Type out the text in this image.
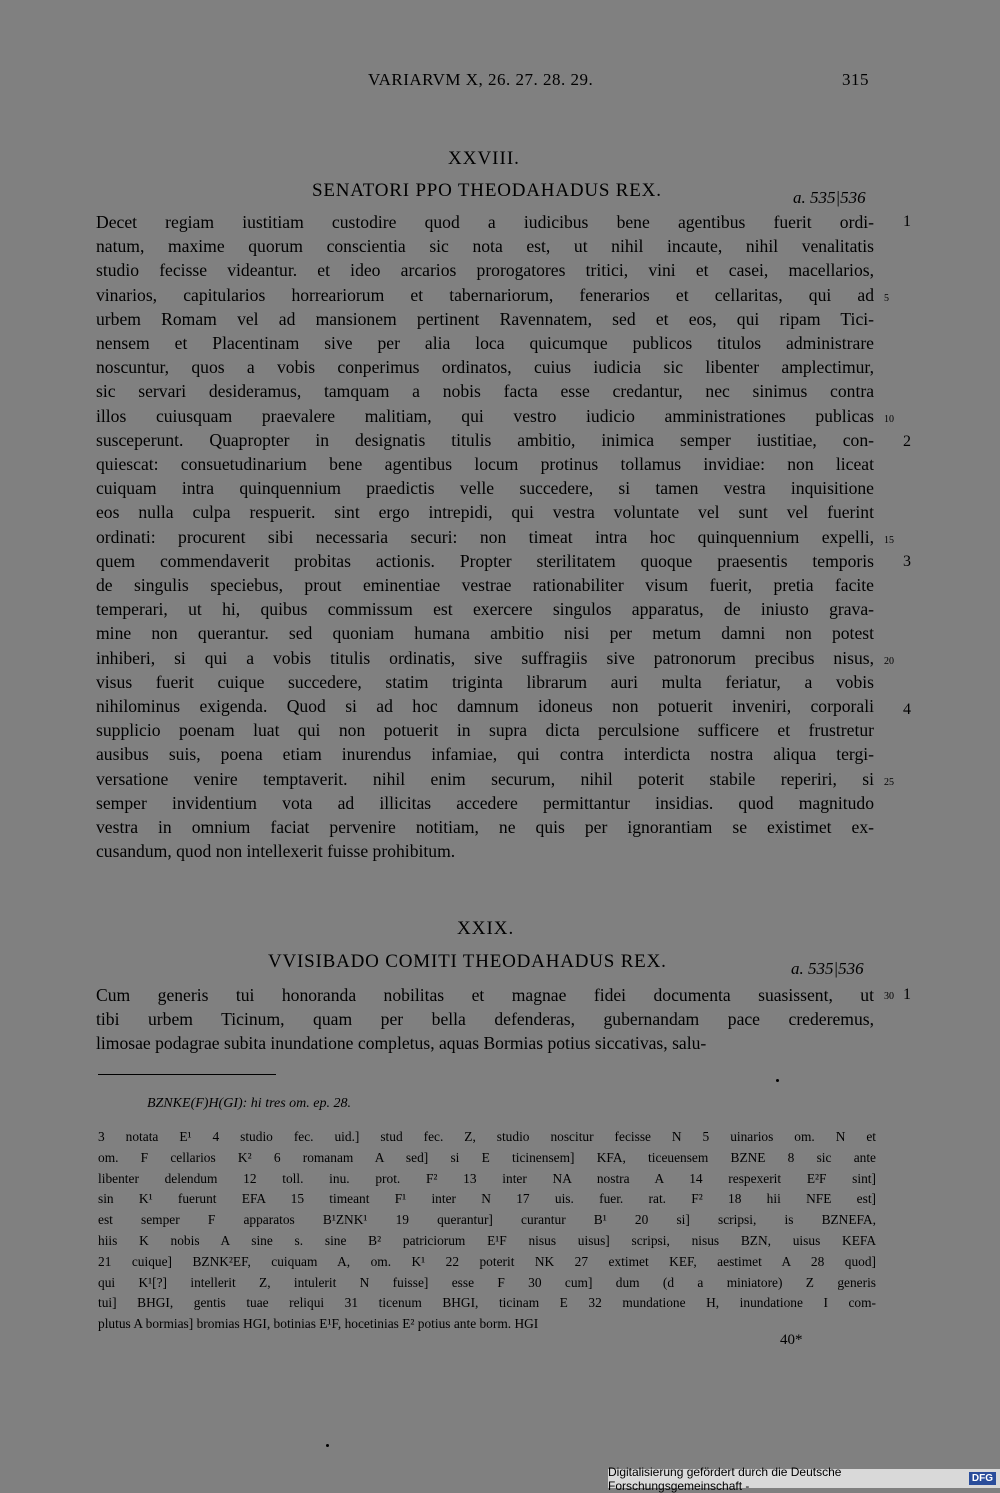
VARIARVM X, 26. 27. 28. 29.	315
XXVIII.
SENATORI PPO THEODAHADUS REX.	a. 535|536
Decet regiam iustitiam custodire quod a iudicibus bene agentibus fuerit ordi-
natum, maxime quorum conscientia sic nota est, ut nihil incaute, nihil venalitatis
studio fecisse videantur. et ideo arcarios prorogatores tritici, vini et casei, macellarios,
vinarios, capitularios horreariorum et tabernariorum, fenerarios et cellaritas, qui ad
urbem Romam vel ad mansionem pertinent Ravennatem, sed et eos, qui ripam Tici-
nensem et Placentinam sive per alia loca quicumque publicos titulos administrare
noscuntur, quos a vobis conperimus ordinatos, cuius iudicia sic libenter amplectimur,
sic servari desideramus, tamquam a nobis facta esse credantur, nec sinimus contra
illos cuiusquam praevalere malitiam, qui vestro iudicio amministrationes publicas
susceperunt. Quapropter in designatis titulis ambitio, inimica semper iustitiae, con-
quiescat: consuetudinarium bene agentibus locum protinus tollamus invidiae: non liceat
cuiquam intra quinquennium praedictis velle succedere, si tamen vestra inquisitione
eos nulla culpa respuerit. sint ergo intrepidi, qui vestra voluntate vel sunt vel fuerint
ordinati: procurent sibi necessaria securi: non timeat intra hoc quinquennium expelli,
quem commendaverit probitas actionis. Propter sterilitatem quoque praesentis temporis
de singulis speciebus, prout eminentiae vestrae rationabiliter visum fuerit, pretia facite
temperari, ut hi, quibus commissum est exercere singulos apparatus, de iniusto grava-
mine non querantur. sed quoniam humana ambitio nisi per metum damni non potest
inhiberi, si qui a vobis titulis ordinatis, sive suffragiis sive patronorum precibus nisus,
visus fuerit cuique succedere, statim triginta librarum auri multa feriatur, a vobis
nihilominus exigenda. Quod si ad hoc damnum idoneus non potuerit inveniri, corporali
supplicio poenam luat qui non potuerit in supra dicta perculsione sufficere et frustretur
ausibus suis, poena etiam inurendus infamiae, qui contra interdicta nostra aliqua tergi-
versatione venire temptaverit. nihil enim securum, nihil poterit stabile reperiri, si
semper invidentium vota ad illicitas accedere permittantur insidias. quod magnitudo
vestra in omnium faciat pervenire notitiam, ne quis per ignorantiam se existimet ex-
cusandum, quod non intellexerit fuisse prohibitum.
5
10
15
20
25
1
2
3
4
XXIX.
VVISIBADO COMITI THEODAHADUS REX.	a. 535|536
Cum generis tui honoranda nobilitas et magnae fidei documenta suasissent, ut
tibi urbem Ticinum, quam per bella defenderas, gubernandam pace crederemus,
limosae podagrae subita inundatione completus, aquas Bormias potius siccativas, salu-
30 1
BZNKE(F)H(GI): hi tres om. ep. 28.
3 notata E¹ 4 studio fec. uid.] stud fec. Z, studio noscitur fecisse N 5 uinarios om. N et
om. F cellarios K² 6 romanam A sed] si E ticinensem] KFA, ticeuensem BZNE 8 sic ante
libenter delendum 12 toll. inu. prot. F² 13 inter NA nostra A 14 respexerit E²F sint]
sin K¹ fuerunt EFA 15 timeant F¹ inter N 17 uis. fuer. rat. F² 18 hii NFE est]
est semper F apparatos B¹ZNK¹ 19 querantur] curantur B¹ 20 si] scripsi, is BZNEFA,
hiis K nobis A sine s. sine B² patriciorum E¹F nisus uisus] scripsi, nisus BZN, uisus KEFA
21 cuique] BZNK²EF, cuiquam A, om. K¹ 22 poterit NK 27 extimet KEF, aestimet A 28 quod]
qui K¹[?] intellerit Z, intulerit N fuisse] esse F 30 cum] dum (d a miniatore) Z generis
tui] BHGI, gentis tuae reliqui 31 ticenum BHGI, ticinam E 32 mundatione H, inundatione I com-
plutus A bormias] bromias HGI, botinias E¹F, hocetinias E² potius ante borm. HGI
40*
Digitalisierung gefördert durch die Deutsche Forschungsgemeinschaft -	DFG
